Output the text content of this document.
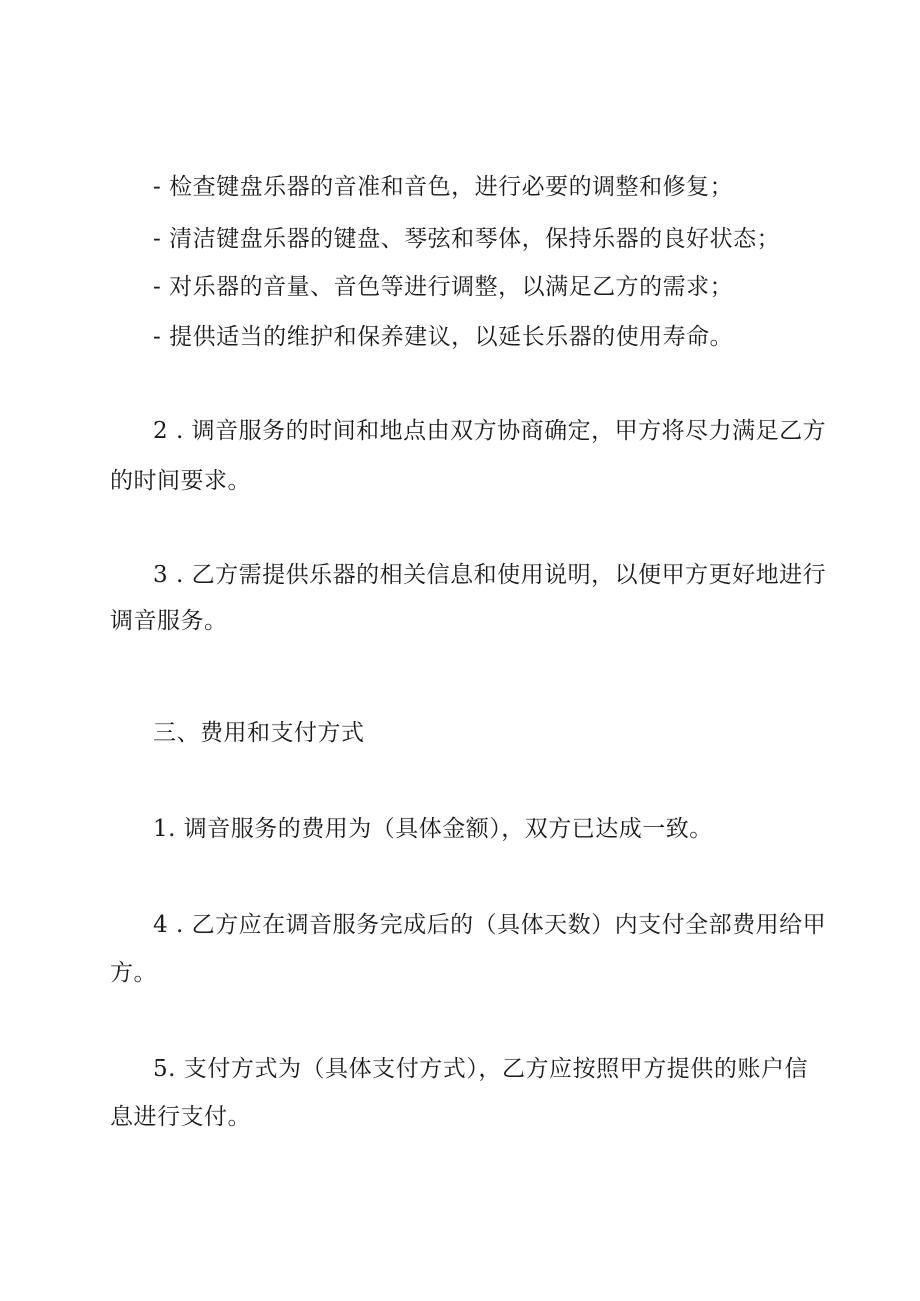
- 检查键盘乐器的音准和音色，进行必要的调整和修复；
- 清洁键盘乐器的键盘、琴弦和琴体，保持乐器的良好状态；
- 对乐器的音量、音色等进行调整，以满足乙方的需求；
- 提供适当的维护和保养建议，以延长乐器的使用寿命。
2 . 调音服务的时间和地点由双方协商确定，甲方将尽力满足乙方
的时间要求。
3 . 乙方需提供乐器的相关信息和使用说明，以便甲方更好地进行
调音服务。
三、费用和支付方式
1. 调音服务的费用为（具体金额），双方已达成一致。
4 . 乙方应在调音服务完成后的（具体天数）内支付全部费用给甲
方。
5. 支付方式为（具体支付方式），乙方应按照甲方提供的账户信
息进行支付。
